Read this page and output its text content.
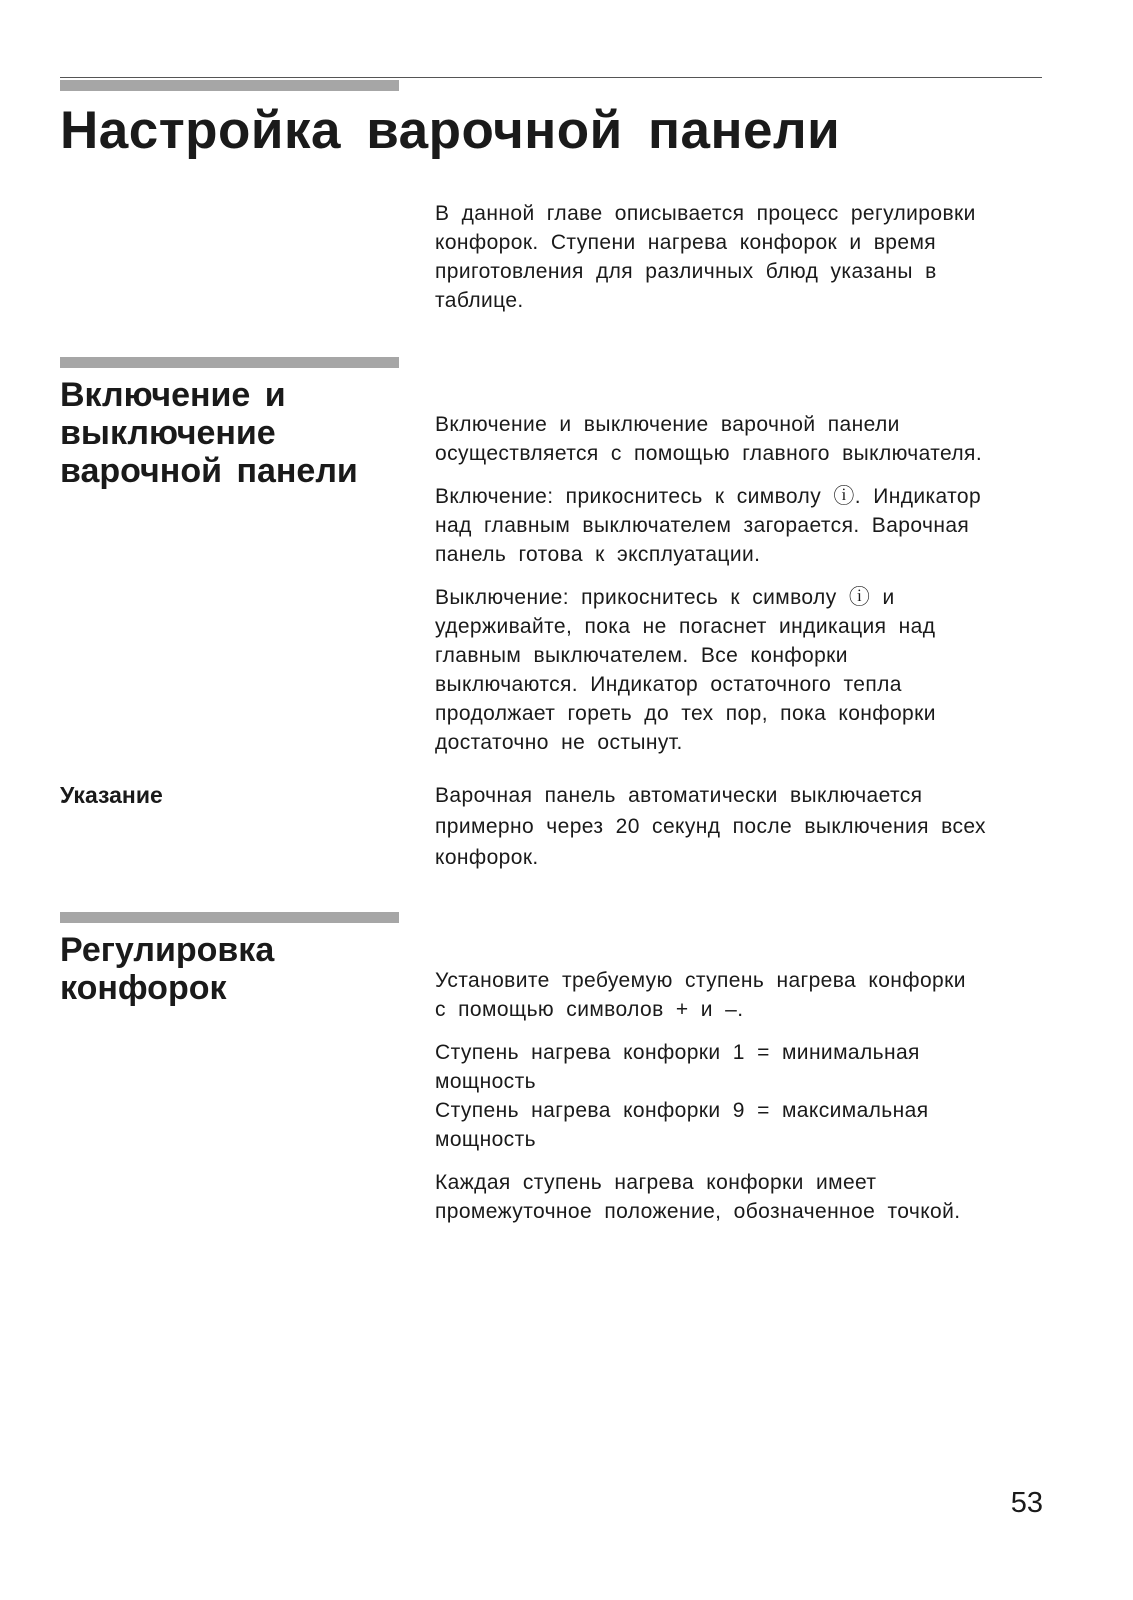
Настройка варочной панели

В данной главе описывается процесс регулировки
конфорок. Ступени нагрева конфорок и время
приготовления для различных блюд указаны в
таблице.

Включение и
выключение
варочной панели

Включение и выключение варочной панели
осуществляется с помощью главного выключателя.

Включение: прикоснитесь к символу ⓘ. Индикатор
над главным выключателем загорается. Варочная
панель готова к эксплуатации.

Выключение: прикоснитесь к символу ⓘ и
удерживайте, пока не погаснет индикация над
главным выключателем. Все конфорки
выключаются. Индикатор остаточного тепла
продолжает гореть до тех пор, пока конфорки
достаточно не остынут.

Указание	Варочная панель автоматически выключается
примерно через 20 секунд после выключения всех
конфорок.

Регулировка
конфорок	Установите требуемую ступень нагрева конфорки
с помощью символов + и –.

Ступень нагрева конфорки 1 = минимальная
мощность

Ступень нагрева конфорки 9 = максимальная
мощность

Каждая ступень нагрева конфорки имеет
промежуточное положение, обозначенное точкой.

53
